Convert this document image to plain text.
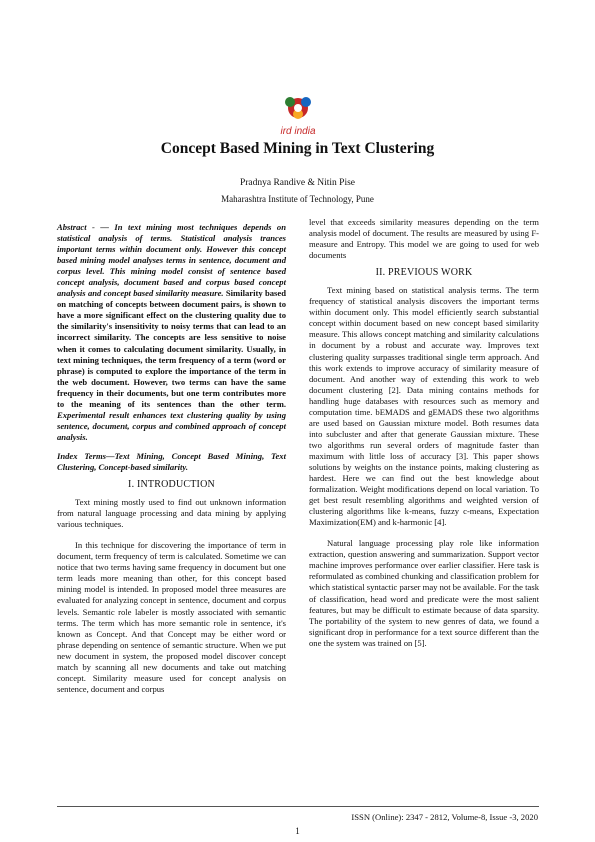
ird india
Concept Based Mining in Text Clustering
Pradnya Randive & Nitin Pise
Maharashtra Institute of Technology, Pune

Abstract - — In text mining most techniques depends on statistical analysis of terms. Statistical analysis trances important terms within document only. However this concept based mining model analyses terms in sentence, document and corpus level. This mining model consist of sentence based concept analysis, document based and corpus based concept analysis and concept based similarity measure. Similarity based on matching of concepts between document pairs, is shown to have a more significant effect on the clustering quality due to the similarity's insensitivity to noisy terms that can lead to an incorrect similarity. The concepts are less sensitive to noise when it comes to calculating document similarity. Usually, in text mining techniques, the term frequency of a term (word or phrase) is computed to explore the importance of the term in the web document. However, two terms can have the same frequency in their documents, but one term contributes more to the meaning of its sentences than the other term. Experimental result enhances text clustering quality by using sentence, document, corpus and combined approach of concept analysis.

Index Terms—Text Mining, Concept Based Mining, Text Clustering, Concept-based similarity.

I. INTRODUCTION

Text mining mostly used to find out unknown information from natural language processing and data mining by applying various techniques.

In this technique for discovering the importance of term in document, term frequency of term is calculated. Sometime we can notice that two terms having same frequency in document but one term leads more meaning than other, for this concept based mining model is intended. In proposed model three measures are evaluated for analyzing concept in sentence, document and corpus levels. Semantic role labeler is mostly associated with semantic terms. The term which has more semantic role in sentence, it's known as Concept. And that Concept may be either word or phrase depending on sentence of semantic structure. When we put new document in system, the proposed model discover concept match by scanning all new documents and take out matching concept. Similarity measure used for concept analysis on sentence, document and corpus

level that exceeds similarity measures depending on the term analysis model of document. The results are measured by using F- measure and Entropy. This model we are going to used for web documents

II. PREVIOUS WORK

Text mining based on statistical analysis terms. The term frequency of statistical analysis discovers the important terms within document only. This model efficiently search substantial concept within document based on new concept based similarity measure. This allows concept matching and similarity calculations in document by a robust and accurate way. Improves text clustering quality surpasses traditional single term approach. And this work extends to improve accuracy of similarity measure of document. And another way of extending this work to web document clustering [2]. Data mining contains methods for handling huge databases with resources such as memory and computation time. bEMADS and gEMADS these two algorithms are used based on Gaussian mixture model. Both resumes data into subcluster and after that generate Gaussian mixture. These two algorithms run several orders of magnitude faster than maximum with little loss of accuracy [3]. This paper shows solutions by weights on the instance points, making clustering as hardest. Here we can find out the best knowledge about formalization. Weight modifications depend on local variation. To get best result resembling algorithms and weighted version of clustering algorithms like k-means, fuzzy c-means, Expectation Maximization(EM) and k-harmonic [4].

Natural language processing play role like information extraction, question answering and summarization. Support vector machine improves performance over earlier classifier. Here task is reformulated as combined chunking and classification problem for which statistical syntactic parser may not be available. For the task of classification, head word and predicate were the most salient features, but may be difficult to estimate because of data sparsity. The portability of the system to new genres of data, we found a significant drop in performance for a text source different than the one the system was trained on [5].

ISSN (Online): 2347 - 2812, Volume-8, Issue -3, 2020
1
